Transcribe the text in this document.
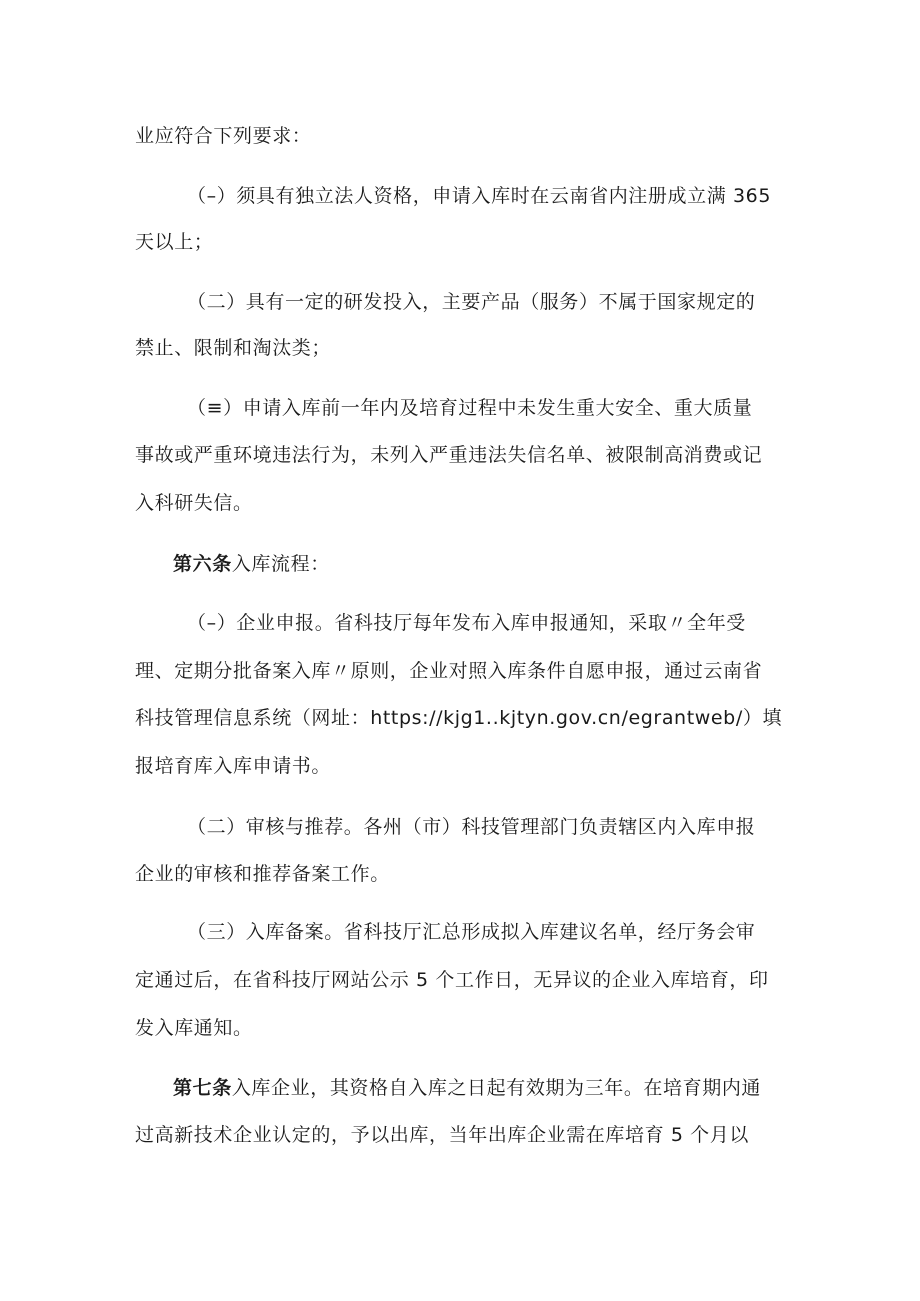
业应符合下列要求：
（–）须具有独立法人资格，申请入库时在云南省内注册成立满 365
天以上；
（二）具有一定的研发投入，主要产品（服务）不属于国家规定的
禁止、限制和淘汰类；
（≡）申请入库前一年内及培育过程中未发生重大安全、重大质量
事故或严重环境违法行为，未列入严重违法失信名单、被限制高消费或记
入科研失信。
第六条入库流程：
（–）企业申报。省科技厅每年发布入库申报通知，采取〃全年受
理、定期分批备案入库〃原则，企业对照入库条件自愿申报，通过云南省
科技管理信息系统（网址：https://kjg1..kjtyn.gov.cn/egrantweb/）填
报培育库入库申请书。
（二）审核与推荐。各州（市）科技管理部门负责辖区内入库申报
企业的审核和推荐备案工作。
（三）入库备案。省科技厅汇总形成拟入库建议名单，经厅务会审
定通过后，在省科技厅网站公示 5 个工作日，无异议的企业入库培育，印
发入库通知。
第七条入库企业，其资格自入库之日起有效期为三年。在培育期内通
过高新技术企业认定的，予以出库，当年出库企业需在库培育 5 个月以
